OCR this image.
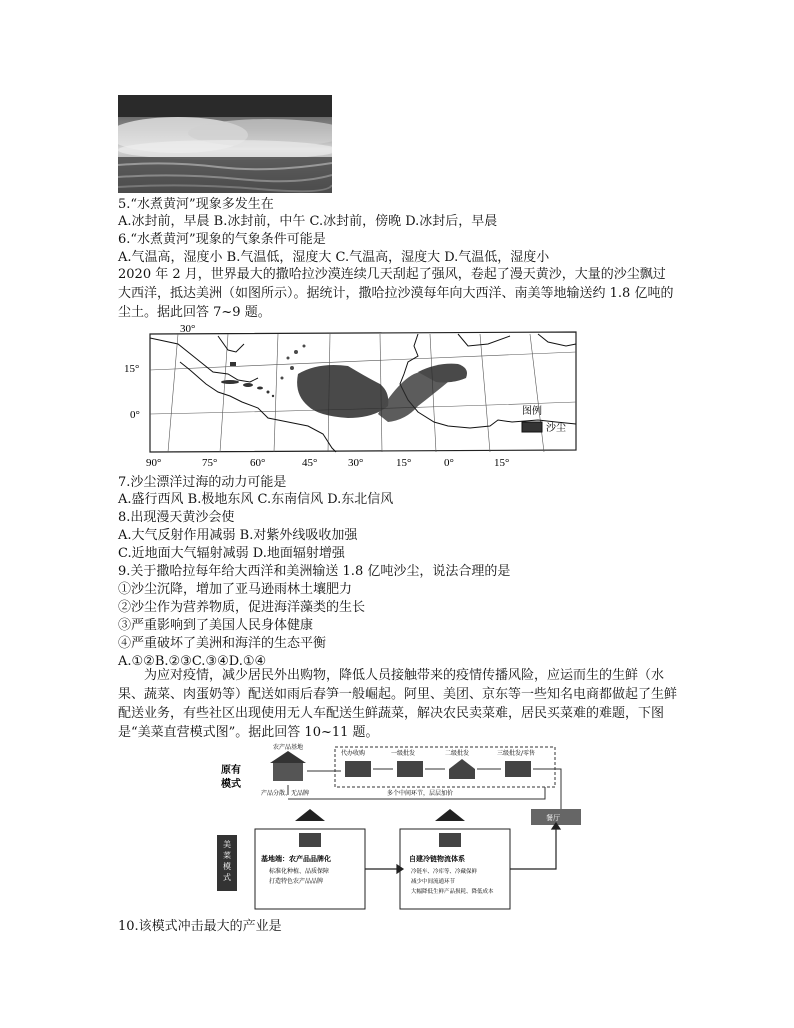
5.“水煮黄河”现象多发生在
A.冰封前，早晨 B.冰封前，中午 C.冰封前，傍晚 D.冰封后，早晨
6.“水煮黄河”现象的气象条件可能是
A.气温高，湿度小 B.气温低，湿度大 C.气温高，湿度大 D.气温低，湿度小
2020 年 2 月，世界最大的撒哈拉沙漠连续几天刮起了强风，卷起了漫天黄沙，大量的沙尘飘过大西洋，抵达美洲（如图所示）。据统计，撒哈拉沙漠每年向大西洋、南美等地输送约 1.8 亿吨的尘土。据此回答 7~9 题。
图例
沙尘
30°
15°
0°
90°	75°	60°	45°	30°	15°	0°	15°
7.沙尘漂洋过海的动力可能是
A.盛行西风 B.极地东风 C.东南信风 D.东北信风
8.出现漫天黄沙会使
A.大气反射作用减弱 B.对紫外线吸收加强
C.近地面大气辐射减弱 D.地面辐射增强
9.关于撒哈拉每年给大西洋和美洲输送 1.8 亿吨沙尘，说法合理的是
①沙尘沉降，增加了亚马逊雨林土壤肥力
②沙尘作为营养物质，促进海洋藻类的生长
③严重影响到了美国人民身体健康
④严重破坏了美洲和海洋的生态平衡
A.①②B.②③C.③④D.①④
为应对疫情，减少居民外出购物，降低人员接触带来的疫情传播风险，应运而生的生鲜（水果、蔬菜、肉蛋奶等）配送如雨后春笋一般崛起。阿里、美团、京东等一些知名电商都做起了生鲜配送业务，有些社区出现使用无人车配送生鲜蔬菜，解决农民卖菜难，居民买菜难的难题，下图是“美菜直营模式图”。据此回答 10~11 题。
原有模式
农产品基地
产品分散、无品牌
代办收购	一级批发	二级批发	三级批发/零售
多个中间环节，层层加价
餐厅
美菜模式
基地端：农产品品牌化
标准化种植、品质保障
打造特色农产品品牌
自建冷链物流体系
冷链车、冷库等、冷藏保鲜
减少中间流通环节
大幅降低生鲜产品损耗、降低成本
10.该模式冲击最大的产业是
